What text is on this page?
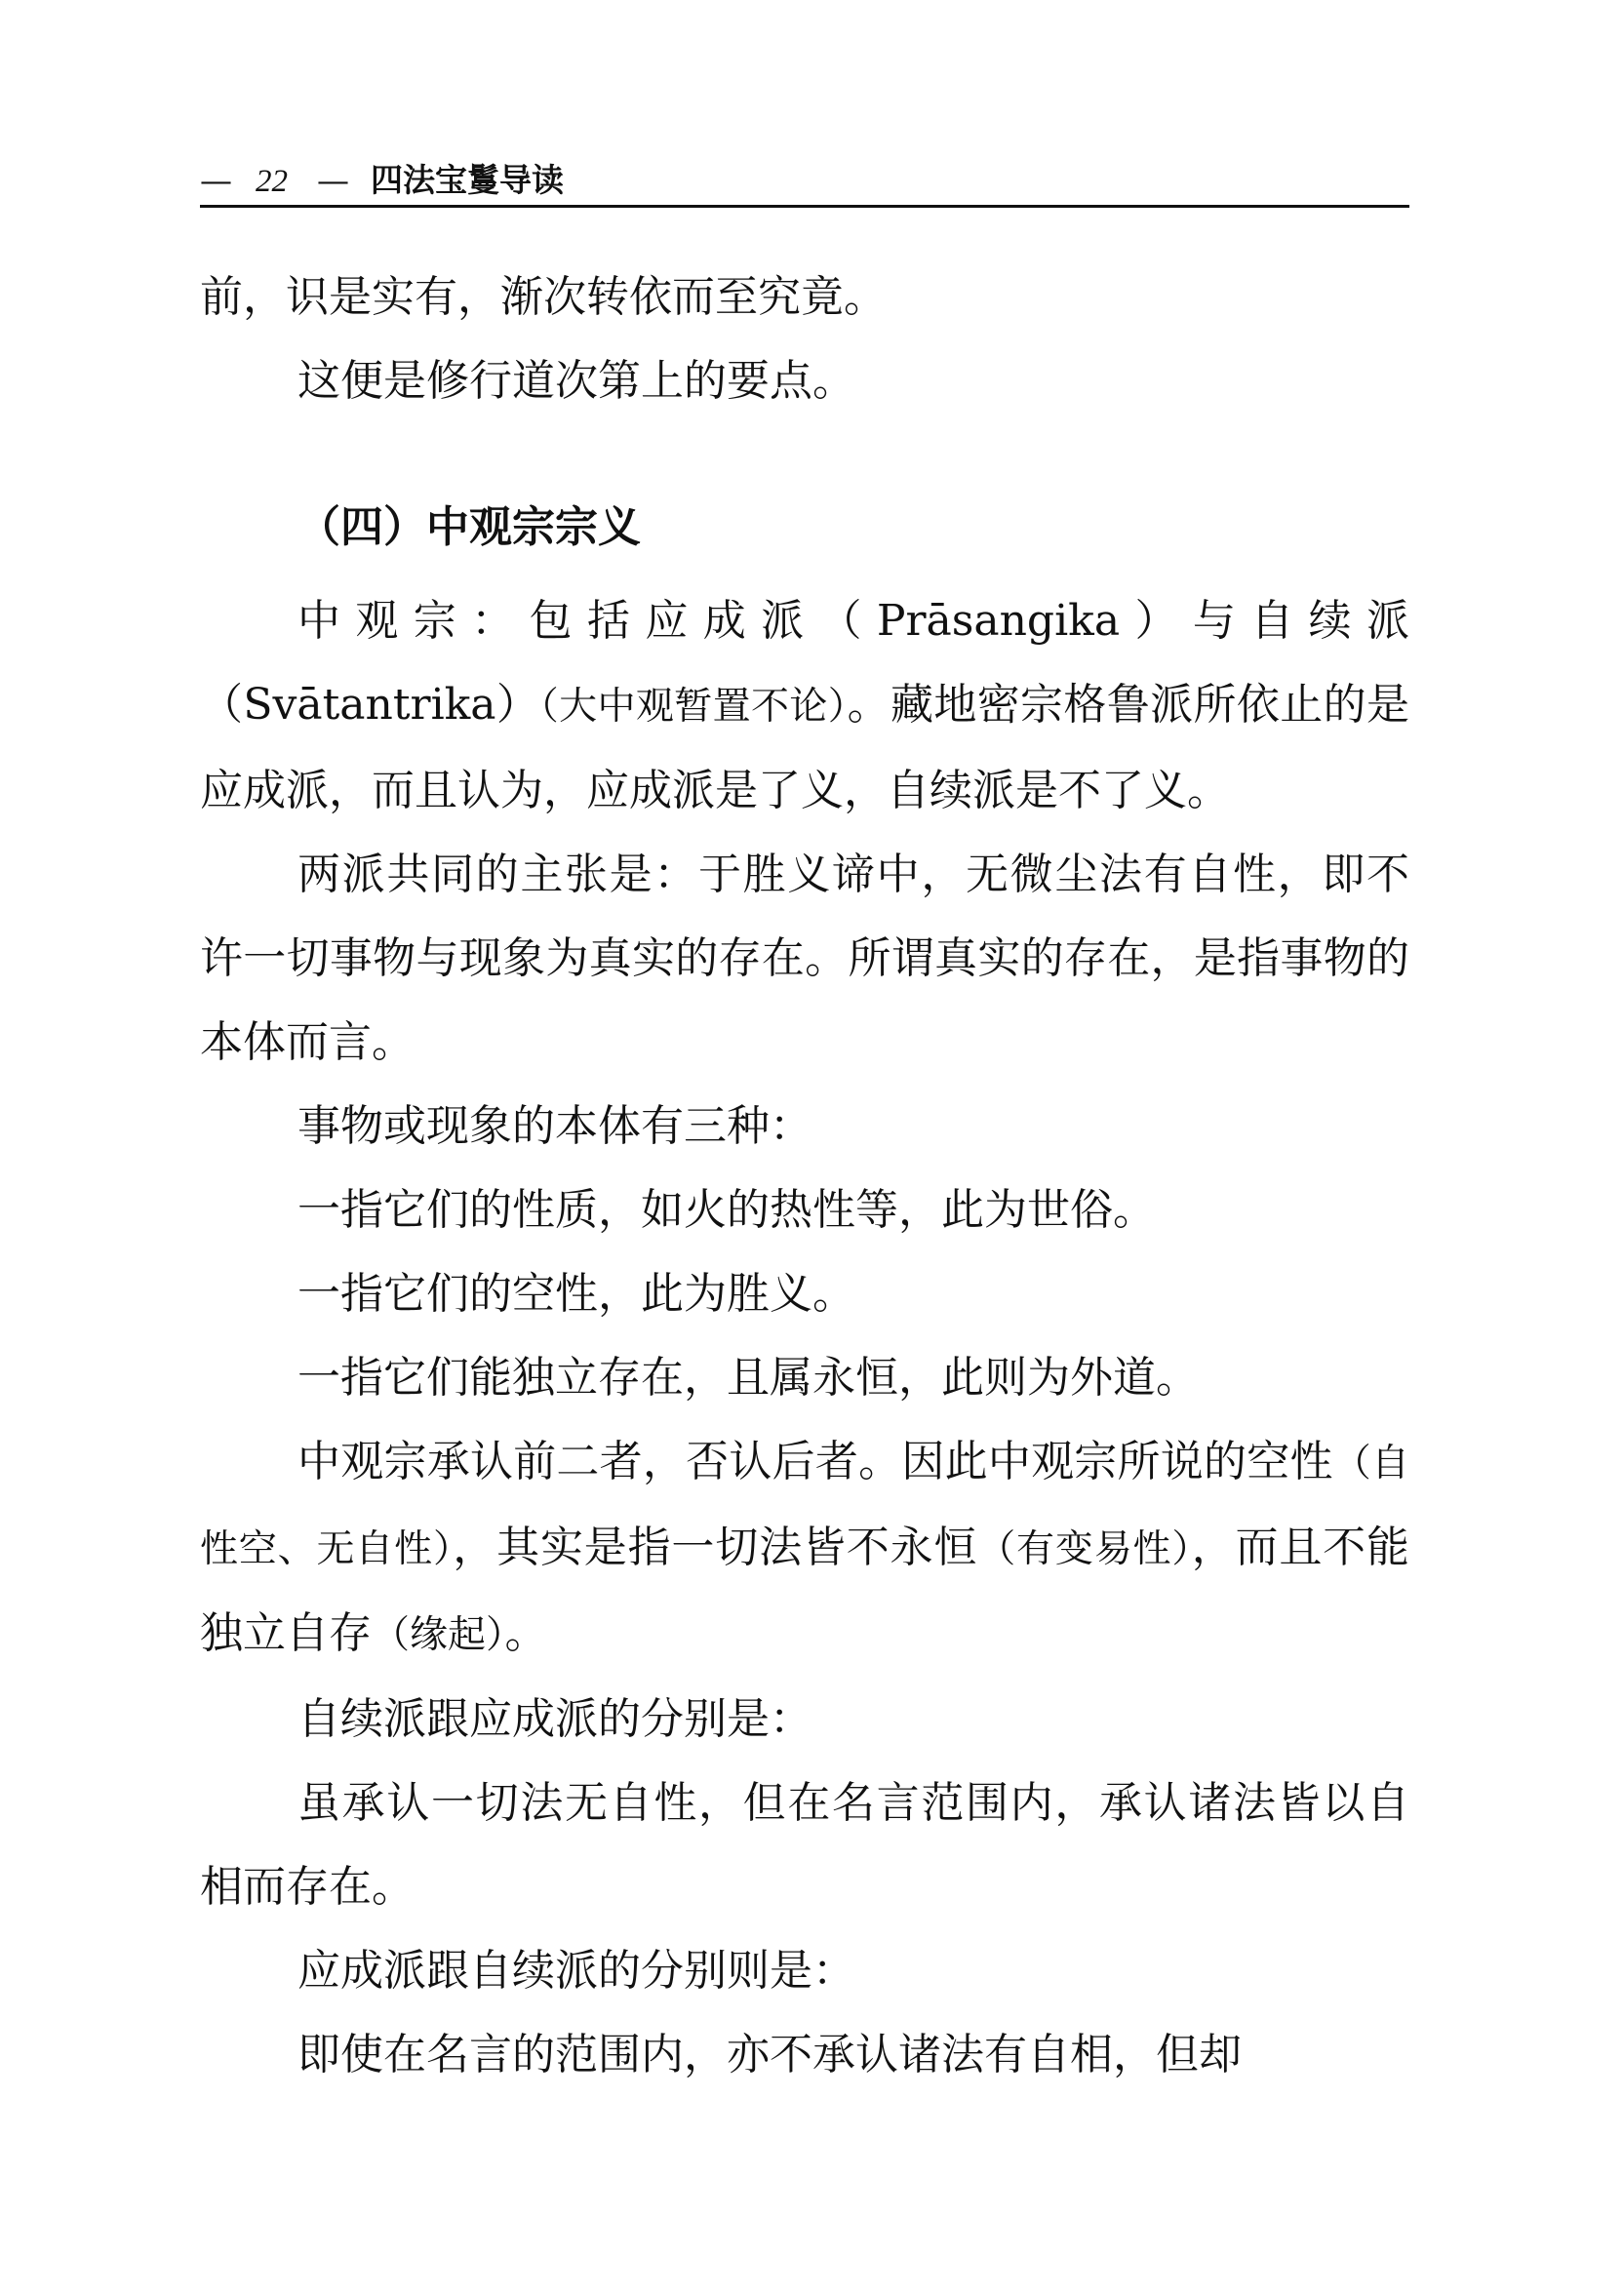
— 22 — 四法宝鬘导读

前，识是实有，渐次转依而至究竟。

这便是修行道次第上的要点。

（四）中观宗宗义

中观宗：包括应成派（Prāsangika）与自续派（Svātantrika）（大中观暂置不论）。藏地密宗格鲁派所依止的是应成派，而且认为，应成派是了义，自续派是不了义。

两派共同的主张是：于胜义谛中，无微尘法有自性，即不许一切事物与现象为真实的存在。所谓真实的存在，是指事物的本体而言。

事物或现象的本体有三种：

一指它们的性质，如火的热性等，此为世俗。

一指它们的空性，此为胜义。

一指它们能独立存在，且属永恒，此则为外道。

中观宗承认前二者，否认后者。因此中观宗所说的空性（自性空、无自性），其实是指一切法皆不永恒（有变易性），而且不能独立自存（缘起）。

自续派跟应成派的分别是：

虽承认一切法无自性，但在名言范围内，承认诸法皆以自相而存在。

应成派跟自续派的分别则是：

即使在名言的范围内，亦不承认诸法有自相，但却
